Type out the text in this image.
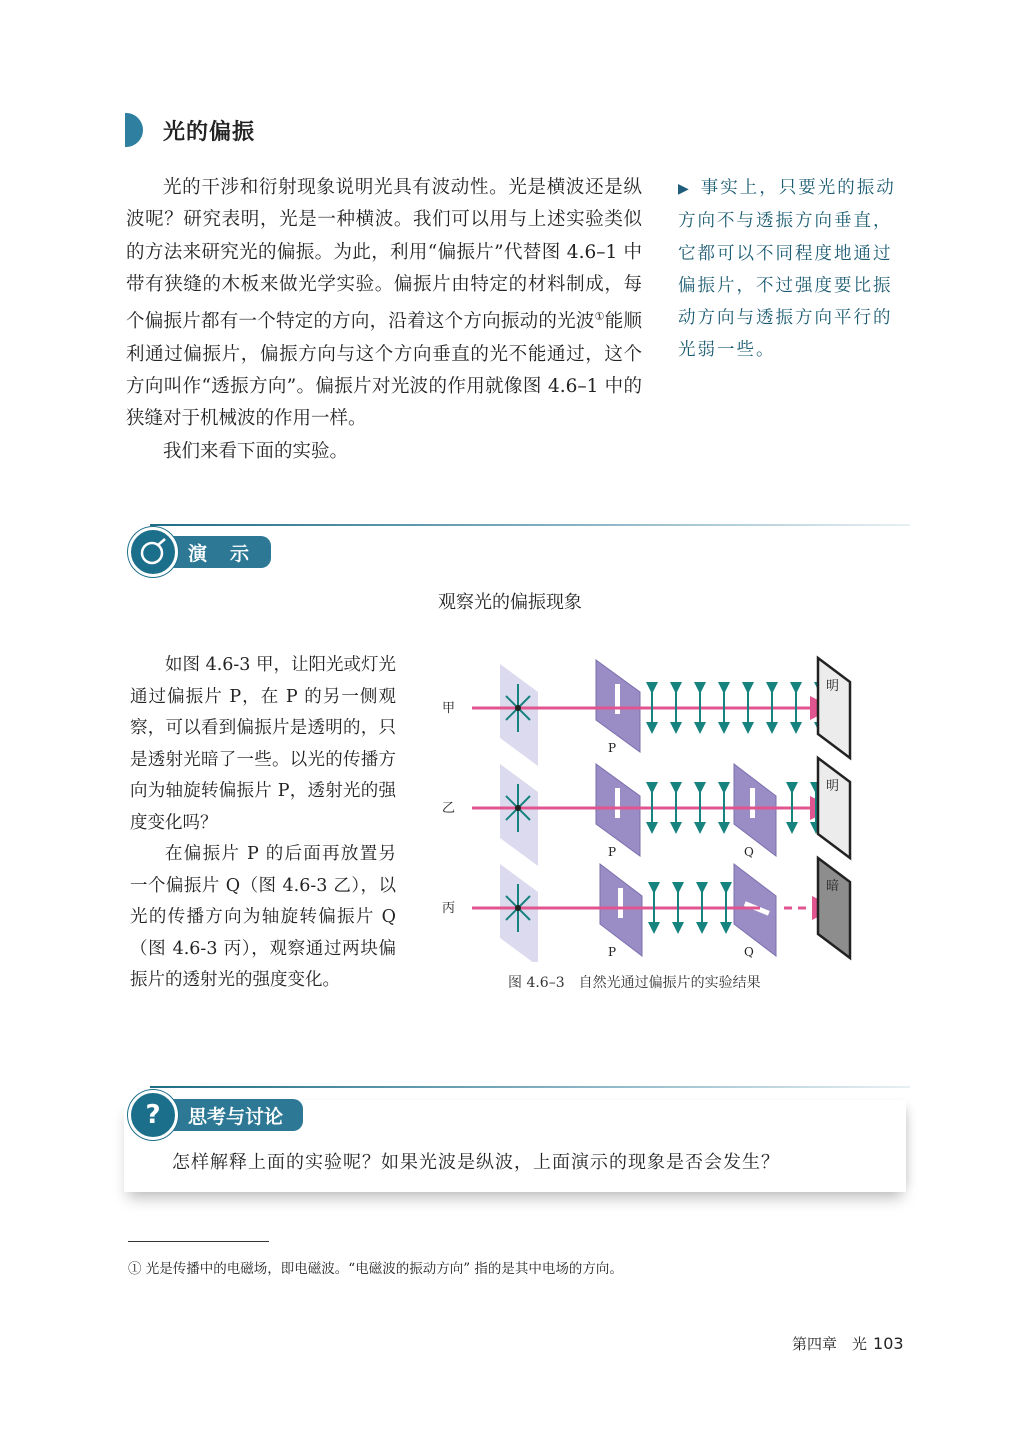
光的偏振

光的干涉和衍射现象说明光具有波动性。光是横波还是纵波呢？研究表明，光是一种横波。我们可以用与上述实验类似的方法来研究光的偏振。为此，利用“偏振片”代替图 4.6–1 中带有狭缝的木板来做光学实验。偏振片由特定的材料制成，每个偏振片都有一个特定的方向，沿着这个方向振动的光波①能顺利通过偏振片，偏振方向与这个方向垂直的光不能通过，这个方向叫作“透振方向”。偏振片对光波的作用就像图 4.6–1 中的狭缝对于机械波的作用一样。

我们来看下面的实验。

▶ 事实上，只要光的振动方向不与透振方向垂直，它都可以不同程度地通过偏振片，不过强度要比振动方向与透振方向平行的光弱一些。
演　示
观察光的偏振现象

如图 4.6-3 甲，让阳光或灯光通过偏振片 P，在 P 的另一侧观察，可以看到偏振片是透明的，只是透射光暗了一些。以光的传播方向为轴旋转偏振片 P，透射光的强度变化吗？

在偏振片 P 的后面再放置另一个偏振片 Q（图 4.6-3 乙），以光的传播方向为轴旋转偏振片 Q（图 4.6-3 丙），观察通过两块偏振片的透射光的强度变化。

甲
P
明
乙
P	Q
明
丙
P	Q
暗
图 4.6–3　自然光通过偏振片的实验结果
?	思考与讨论
怎样解释上面的实验呢？如果光波是纵波，上面演示的现象是否会发生？
① 光是传播中的电磁场，即电磁波。“电磁波的振动方向” 指的是其中电场的方向。
第四章　光 103
